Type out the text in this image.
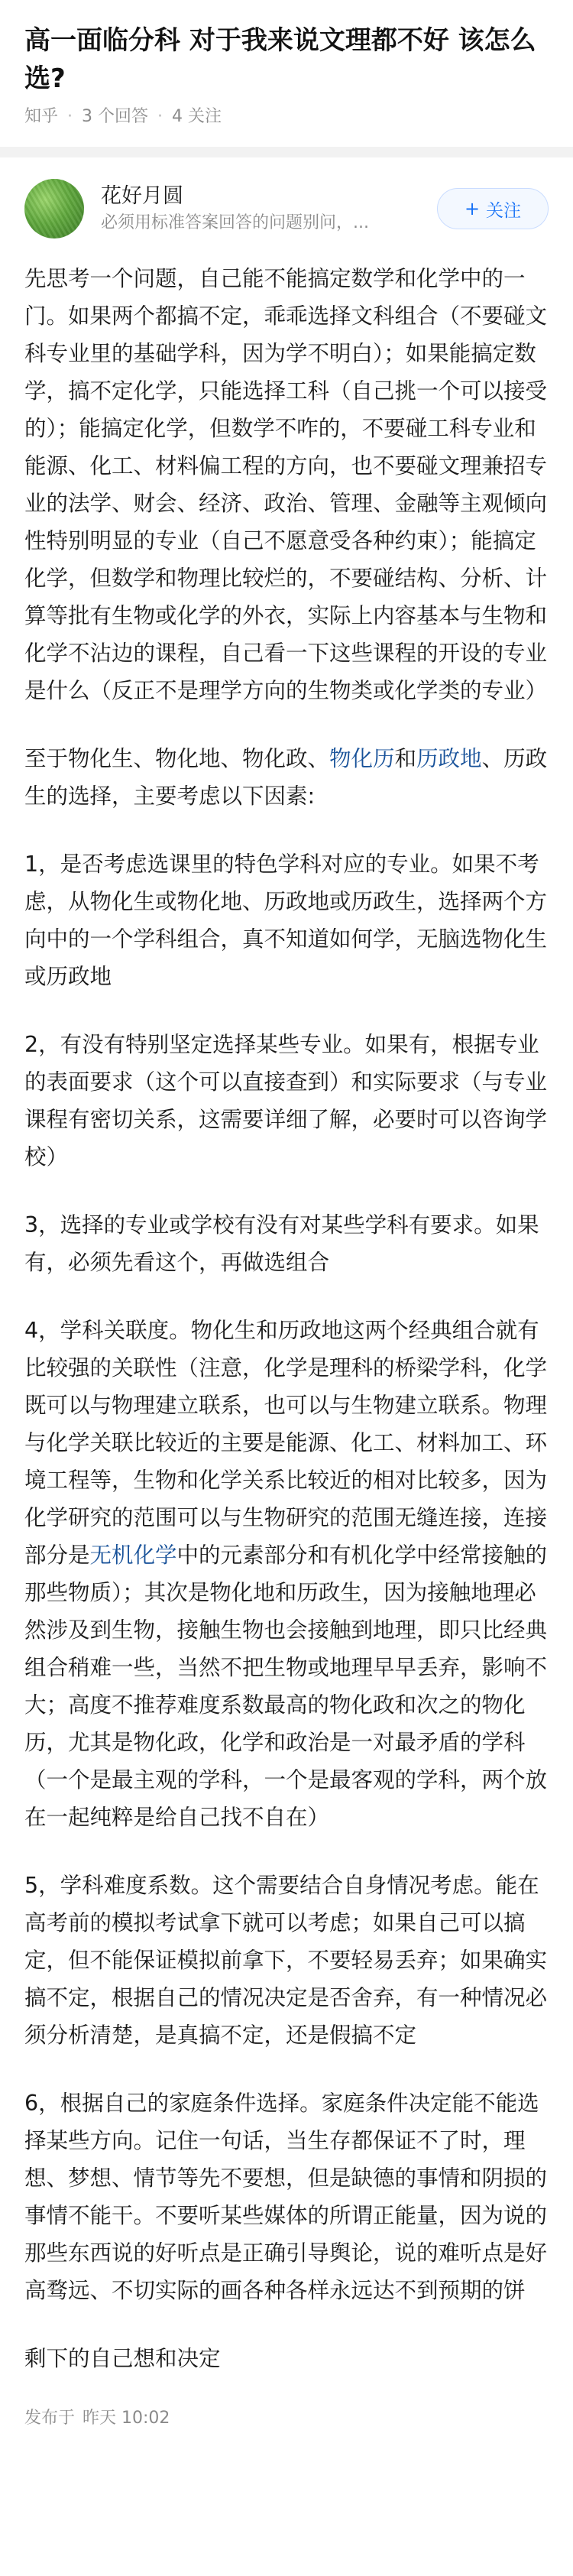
高一面临分科 对于我来说文理都不好 该怎么选?
知乎 · 3 个回答 · 4 关注
花好月圆
必须用标准答案回答的问题别问，...
+ 关注

先思考一个问题，自己能不能搞定数学和化学中的一门。如果两个都搞不定，乖乖选择文科组合（不要碰文科专业里的基础学科，因为学不明白）；如果能搞定数学，搞不定化学，只能选择工科（自己挑一个可以接受的）；能搞定化学，但数学不咋的，不要碰工科专业和能源、化工、材料偏工程的方向，也不要碰文理兼招专业的法学、财会、经济、政治、管理、金融等主观倾向性特别明显的专业（自己不愿意受各种约束）；能搞定化学，但数学和物理比较烂的，不要碰结构、分析、计算等批有生物或化学的外衣，实际上内容基本与生物和化学不沾边的课程，自己看一下这些课程的开设的专业是什么（反正不是理学方向的生物类或化学类的专业）

至于物化生、物化地、物化政、物化历和历政地、历政生的选择，主要考虑以下因素:

1，是否考虑选课里的特色学科对应的专业。如果不考虑，从物化生或物化地、历政地或历政生，选择两个方向中的一个学科组合，真不知道如何学，无脑选物化生或历政地

2，有没有特别坚定选择某些专业。如果有，根据专业的表面要求（这个可以直接查到）和实际要求（与专业课程有密切关系，这需要详细了解，必要时可以咨询学校）

3，选择的专业或学校有没有对某些学科有要求。如果有，必须先看这个，再做选组合

4，学科关联度。物化生和历政地这两个经典组合就有比较强的关联性（注意，化学是理科的桥梁学科，化学既可以与物理建立联系，也可以与生物建立联系。物理与化学关联比较近的主要是能源、化工、材料加工、环境工程等，生物和化学关系比较近的相对比较多，因为化学研究的范围可以与生物研究的范围无缝连接，连接部分是无机化学中的元素部分和有机化学中经常接触的那些物质）；其次是物化地和历政生，因为接触地理必然涉及到生物，接触生物也会接触到地理，即只比经典组合稍难一些，当然不把生物或地理早早丢弃，影响不大；高度不推荐难度系数最高的物化政和次之的物化历，尤其是物化政，化学和政治是一对最矛盾的学科（一个是最主观的学科，一个是最客观的学科，两个放在一起纯粹是给自己找不自在）

5，学科难度系数。这个需要结合自身情况考虑。能在高考前的模拟考试拿下就可以考虑；如果自己可以搞定，但不能保证模拟前拿下，不要轻易丢弃；如果确实搞不定，根据自己的情况决定是否舍弃，有一种情况必须分析清楚，是真搞不定，还是假搞不定

6，根据自己的家庭条件选择。家庭条件决定能不能选择某些方向。记住一句话，当生存都保证不了时，理想、梦想、情节等先不要想，但是缺德的事情和阴损的事情不能干。不要听某些媒体的所谓正能量，因为说的那些东西说的好听点是正确引导舆论，说的难听点是好高骛远、不切实际的画各种各样永远达不到预期的饼

剩下的自己想和决定

发布于 昨天 10:02
